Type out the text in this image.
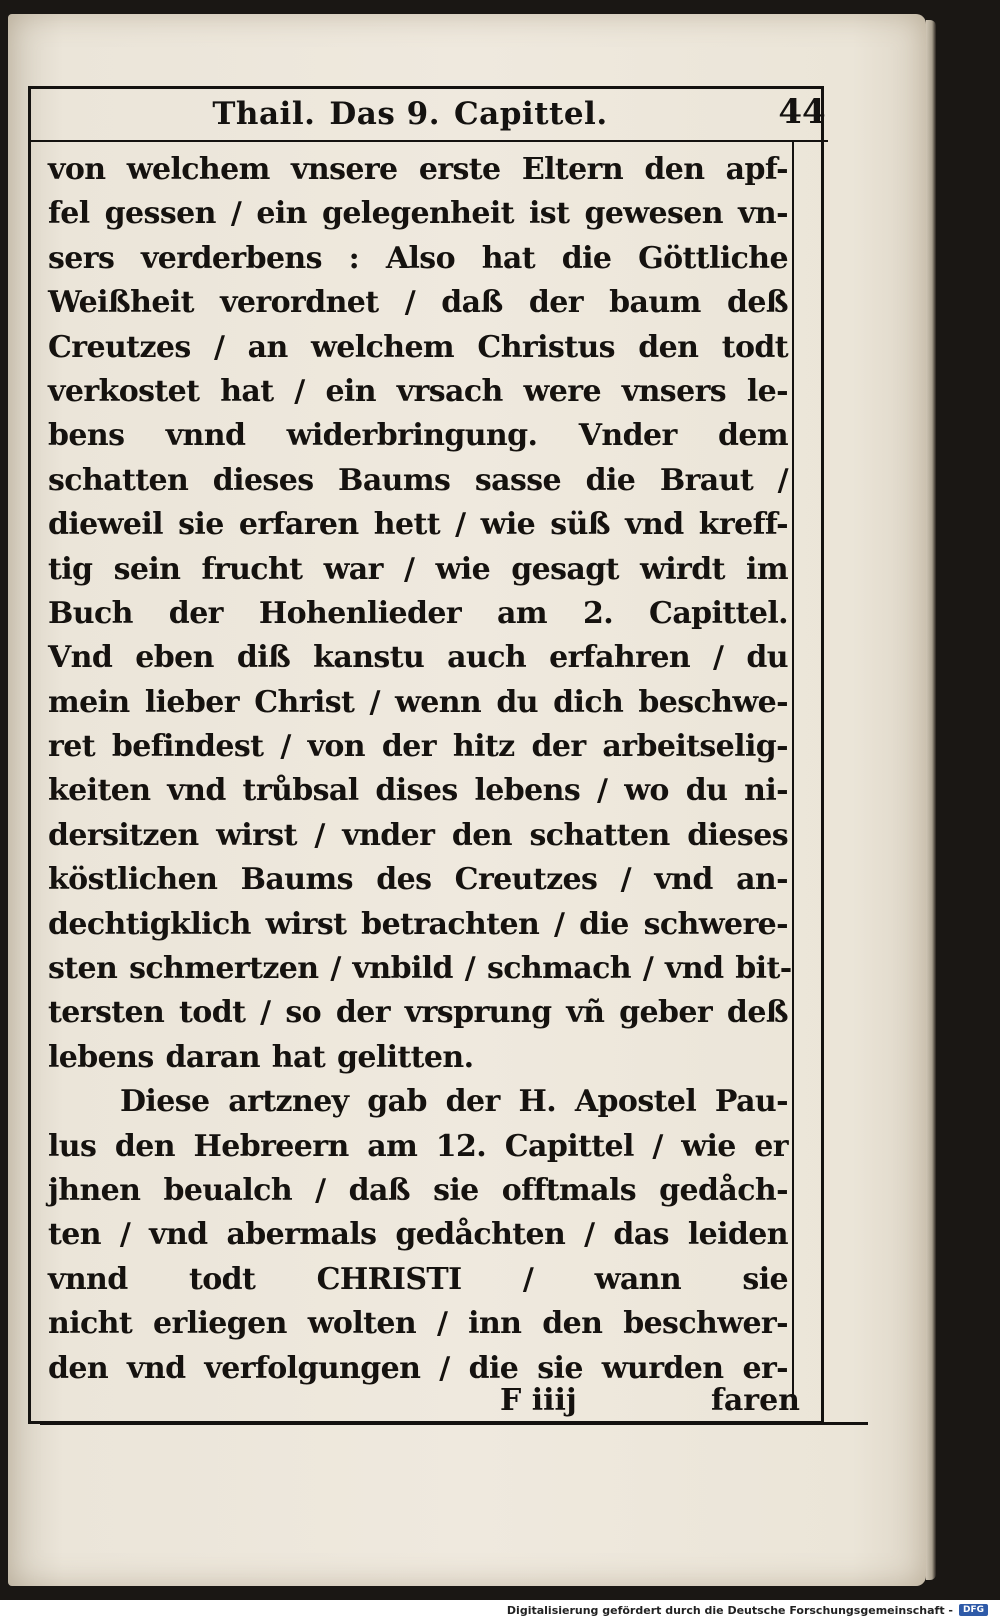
Thail. Das 9. Capittel.	44
von welchem vnsere erste Eltern den apf-
fel gessen / ein gelegenheit ist gewesen vn-
sers verderbens : Also hat die Göttliche
Weißheit verordnet / daß der baum deß
Creutzes / an welchem Christus den todt
verkostet hat / ein vrsach were vnsers le-
bens vnnd widerbringung. Vnder dem
schatten dieses Baums sasse die Braut /
dieweil sie erfaren hett / wie süß vnd kreff-
tig sein frucht war / wie gesagt wirdt im
Buch der Hohenlieder am 2. Capittel.
Vnd eben diß kanstu auch erfahren / du
mein lieber Christ / wenn du dich beschwe-
ret befindest / von der hitz der arbeitselig-
keiten vnd trůbsal dises lebens / wo du ni-
dersitzen wirst / vnder den schatten dieses
köstlichen Baums des Creutzes / vnd an-
dechtigklich wirst betrachten / die schwere-
sten schmertzen / vnbild / schmach / vnd bit-
tersten todt / so der vrsprung vñ geber deß
lebens daran hat gelitten.
Diese artzney gab der H. Apostel Pau-
lus den Hebreern am 12. Capittel / wie er
jhnen beualch / daß sie offtmals gedåch-
ten / vnd abermals gedåchten / das leiden
vnnd todt CHRISTI / wann sie
nicht erliegen wolten / inn den beschwer-
den vnd verfolgungen / die sie wurden er-
F iiij	faren
Digitalisierung gefördert durch die Deutsche Forschungsgemeinschaft -	DFG
